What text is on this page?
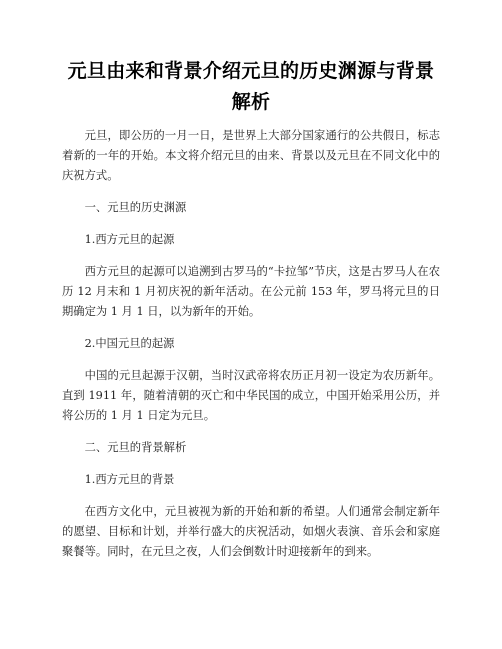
元旦由来和背景介绍元旦的历史渊源与背景解析

元旦，即公历的一月一日，是世界上大部分国家通行的公共假日，标志着新的一年的开始。本文将介绍元旦的由来、背景以及元旦在不同文化中的庆祝方式。

一、元旦的历史渊源

1.西方元旦的起源

西方元旦的起源可以追溯到古罗马的“卡拉邹”节庆，这是古罗马人在农历 12 月末和 1 月初庆祝的新年活动。在公元前 153 年，罗马将元旦的日期确定为 1 月 1 日，以为新年的开始。

2.中国元旦的起源

中国的元旦起源于汉朝，当时汉武帝将农历正月初一设定为农历新年。直到 1911 年，随着清朝的灭亡和中华民国的成立，中国开始采用公历，并将公历的 1 月 1 日定为元旦。

二、元旦的背景解析

1.西方元旦的背景

在西方文化中，元旦被视为新的开始和新的希望。人们通常会制定新年的愿望、目标和计划，并举行盛大的庆祝活动，如烟火表演、音乐会和家庭聚餐等。同时，在元旦之夜，人们会倒数计时迎接新年的到来。
